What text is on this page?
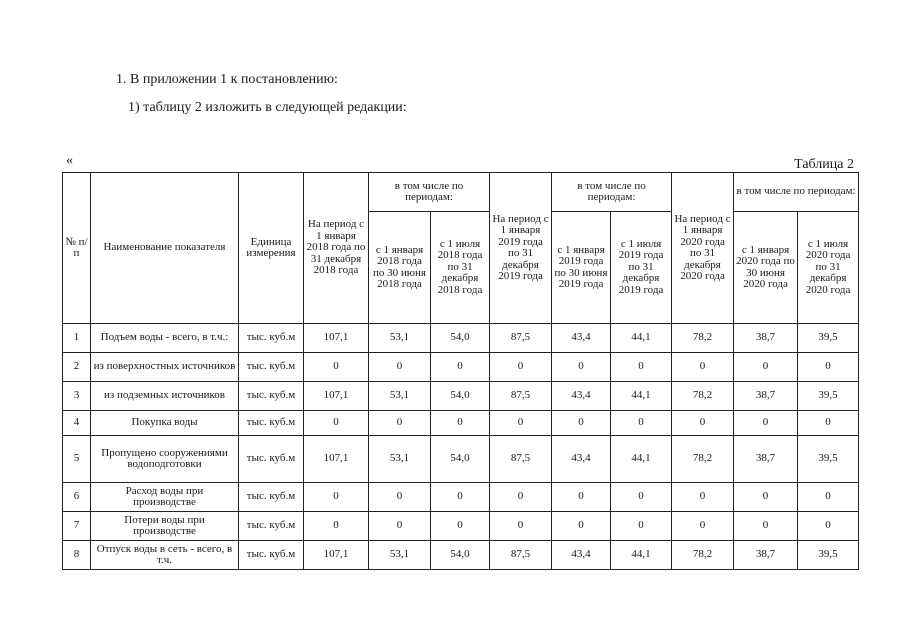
1. В приложении 1 к постановлению:
1) таблицу 2 изложить в следующей редакции:
«	Таблица 2
№ п/п	Наименование показателя	Единица измерения	На период с 1 января 2018 года по 31 декабря 2018 года	в том числе по периодам:		На период с 1 января 2019 года по 31 декабря 2019 года	в том числе по периодам:		На период с 1 января 2020 года по 31 декабря 2020 года	в том числе по периодам:	
				с 1 января 2018 года по 30 июня 2018 года	с 1 июля 2018 года по 31 декабря 2018 года		с 1 января 2019 года по 30 июня 2019 года	с 1 июля 2019 года по 31 декабря 2019 года		с 1 января 2020 года по 30 июня 2020 года	с 1 июля 2020 года по 31 декабря 2020 года
1	Подъем воды - всего, в т.ч.:	тыс. куб.м	107,1	53,1	54,0	87,5	43,4	44,1	78,2	38,7	39,5
2	из поверхностных источников	тыс. куб.м	0	0	0	0	0	0	0	0	0
3	из подземных источников	тыс. куб.м	107,1	53,1	54,0	87,5	43,4	44,1	78,2	38,7	39,5
4	Покупка воды	тыс. куб.м	0	0	0	0	0	0	0	0	0
5	Пропущено сооружениями водоподготовки	тыс. куб.м	107,1	53,1	54,0	87,5	43,4	44,1	78,2	38,7	39,5
6	Расход воды при производстве	тыс. куб.м	0	0	0	0	0	0	0	0	0
7	Потери воды при производстве	тыс. куб.м	0	0	0	0	0	0	0	0	0
8	Отпуск воды в сеть - всего, в т.ч.	тыс. куб.м	107,1	53,1	54,0	87,5	43,4	44,1	78,2	38,7	39,5
